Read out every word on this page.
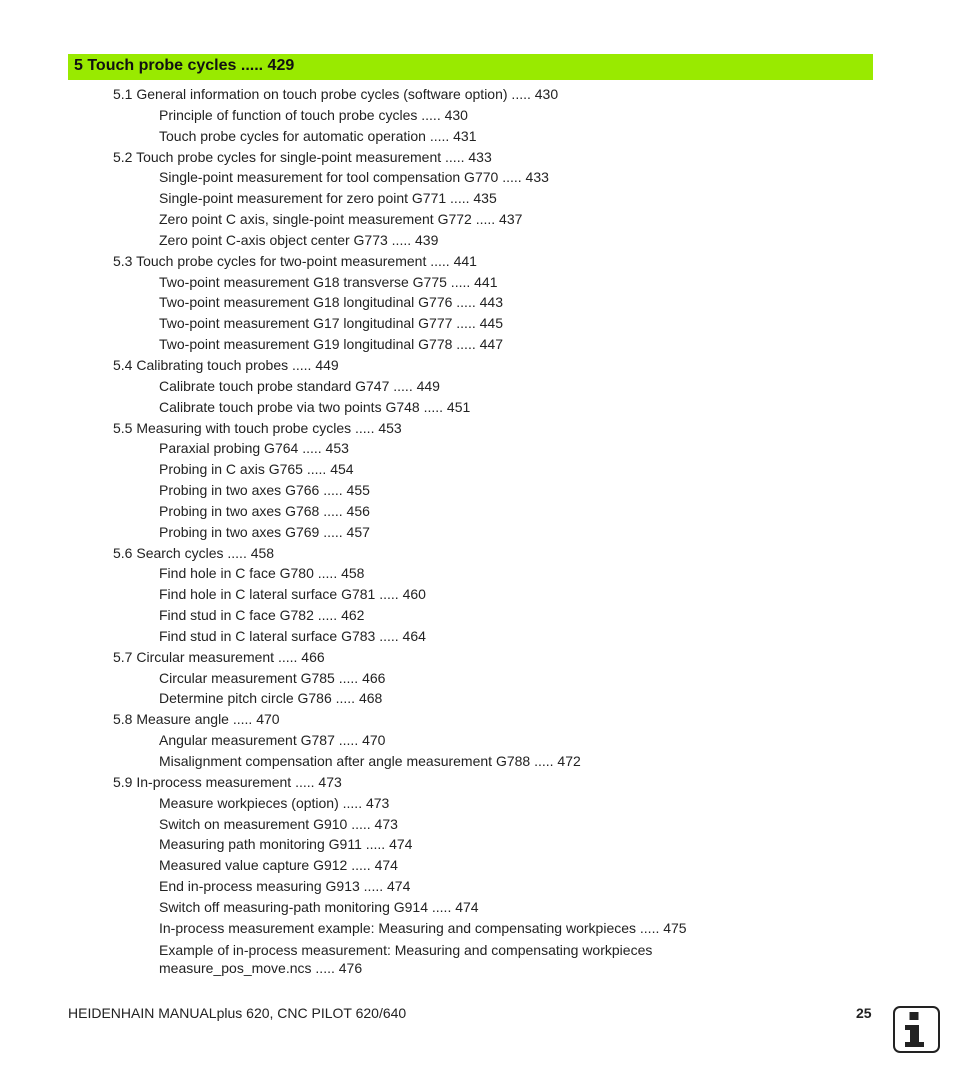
5 Touch probe cycles ..... 429
5.1 General information on touch probe cycles (software option) ..... 430
Principle of function of touch probe cycles ..... 430
Touch probe cycles for automatic operation ..... 431
5.2 Touch probe cycles for single-point measurement ..... 433
Single-point measurement for tool compensation G770 ..... 433
Single-point measurement for zero point G771 ..... 435
Zero point C axis, single-point measurement G772 ..... 437
Zero point C-axis object center G773 ..... 439
5.3 Touch probe cycles for two-point measurement ..... 441
Two-point measurement G18 transverse G775 ..... 441
Two-point measurement G18 longitudinal G776 ..... 443
Two-point measurement G17 longitudinal G777 ..... 445
Two-point measurement G19 longitudinal G778 ..... 447
5.4 Calibrating touch probes ..... 449
Calibrate touch probe standard G747 ..... 449
Calibrate touch probe via two points G748 ..... 451
5.5 Measuring with touch probe cycles ..... 453
Paraxial probing G764 ..... 453
Probing in C axis G765 ..... 454
Probing in two axes G766 ..... 455
Probing in two axes G768 ..... 456
Probing in two axes G769 ..... 457
5.6 Search cycles ..... 458
Find hole in C face G780 ..... 458
Find hole in C lateral surface G781 ..... 460
Find stud in C face G782 ..... 462
Find stud in C lateral surface G783 ..... 464
5.7 Circular measurement ..... 466
Circular measurement G785 ..... 466
Determine pitch circle G786 ..... 468
5.8 Measure angle ..... 470
Angular measurement G787 ..... 470
Misalignment compensation after angle measurement G788 ..... 472
5.9 In-process measurement ..... 473
Measure workpieces (option) ..... 473
Switch on measurement G910 ..... 473
Measuring path monitoring G911 ..... 474
Measured value capture G912 ..... 474
End in-process measuring G913 ..... 474
Switch off measuring-path monitoring G914 ..... 474
In-process measurement example: Measuring and compensating workpieces ..... 475
Example of in-process measurement: Measuring and compensating workpieces measure_pos_move.ncs ..... 476
HEIDENHAIN MANUALplus 620, CNC PILOT 620/640	25
